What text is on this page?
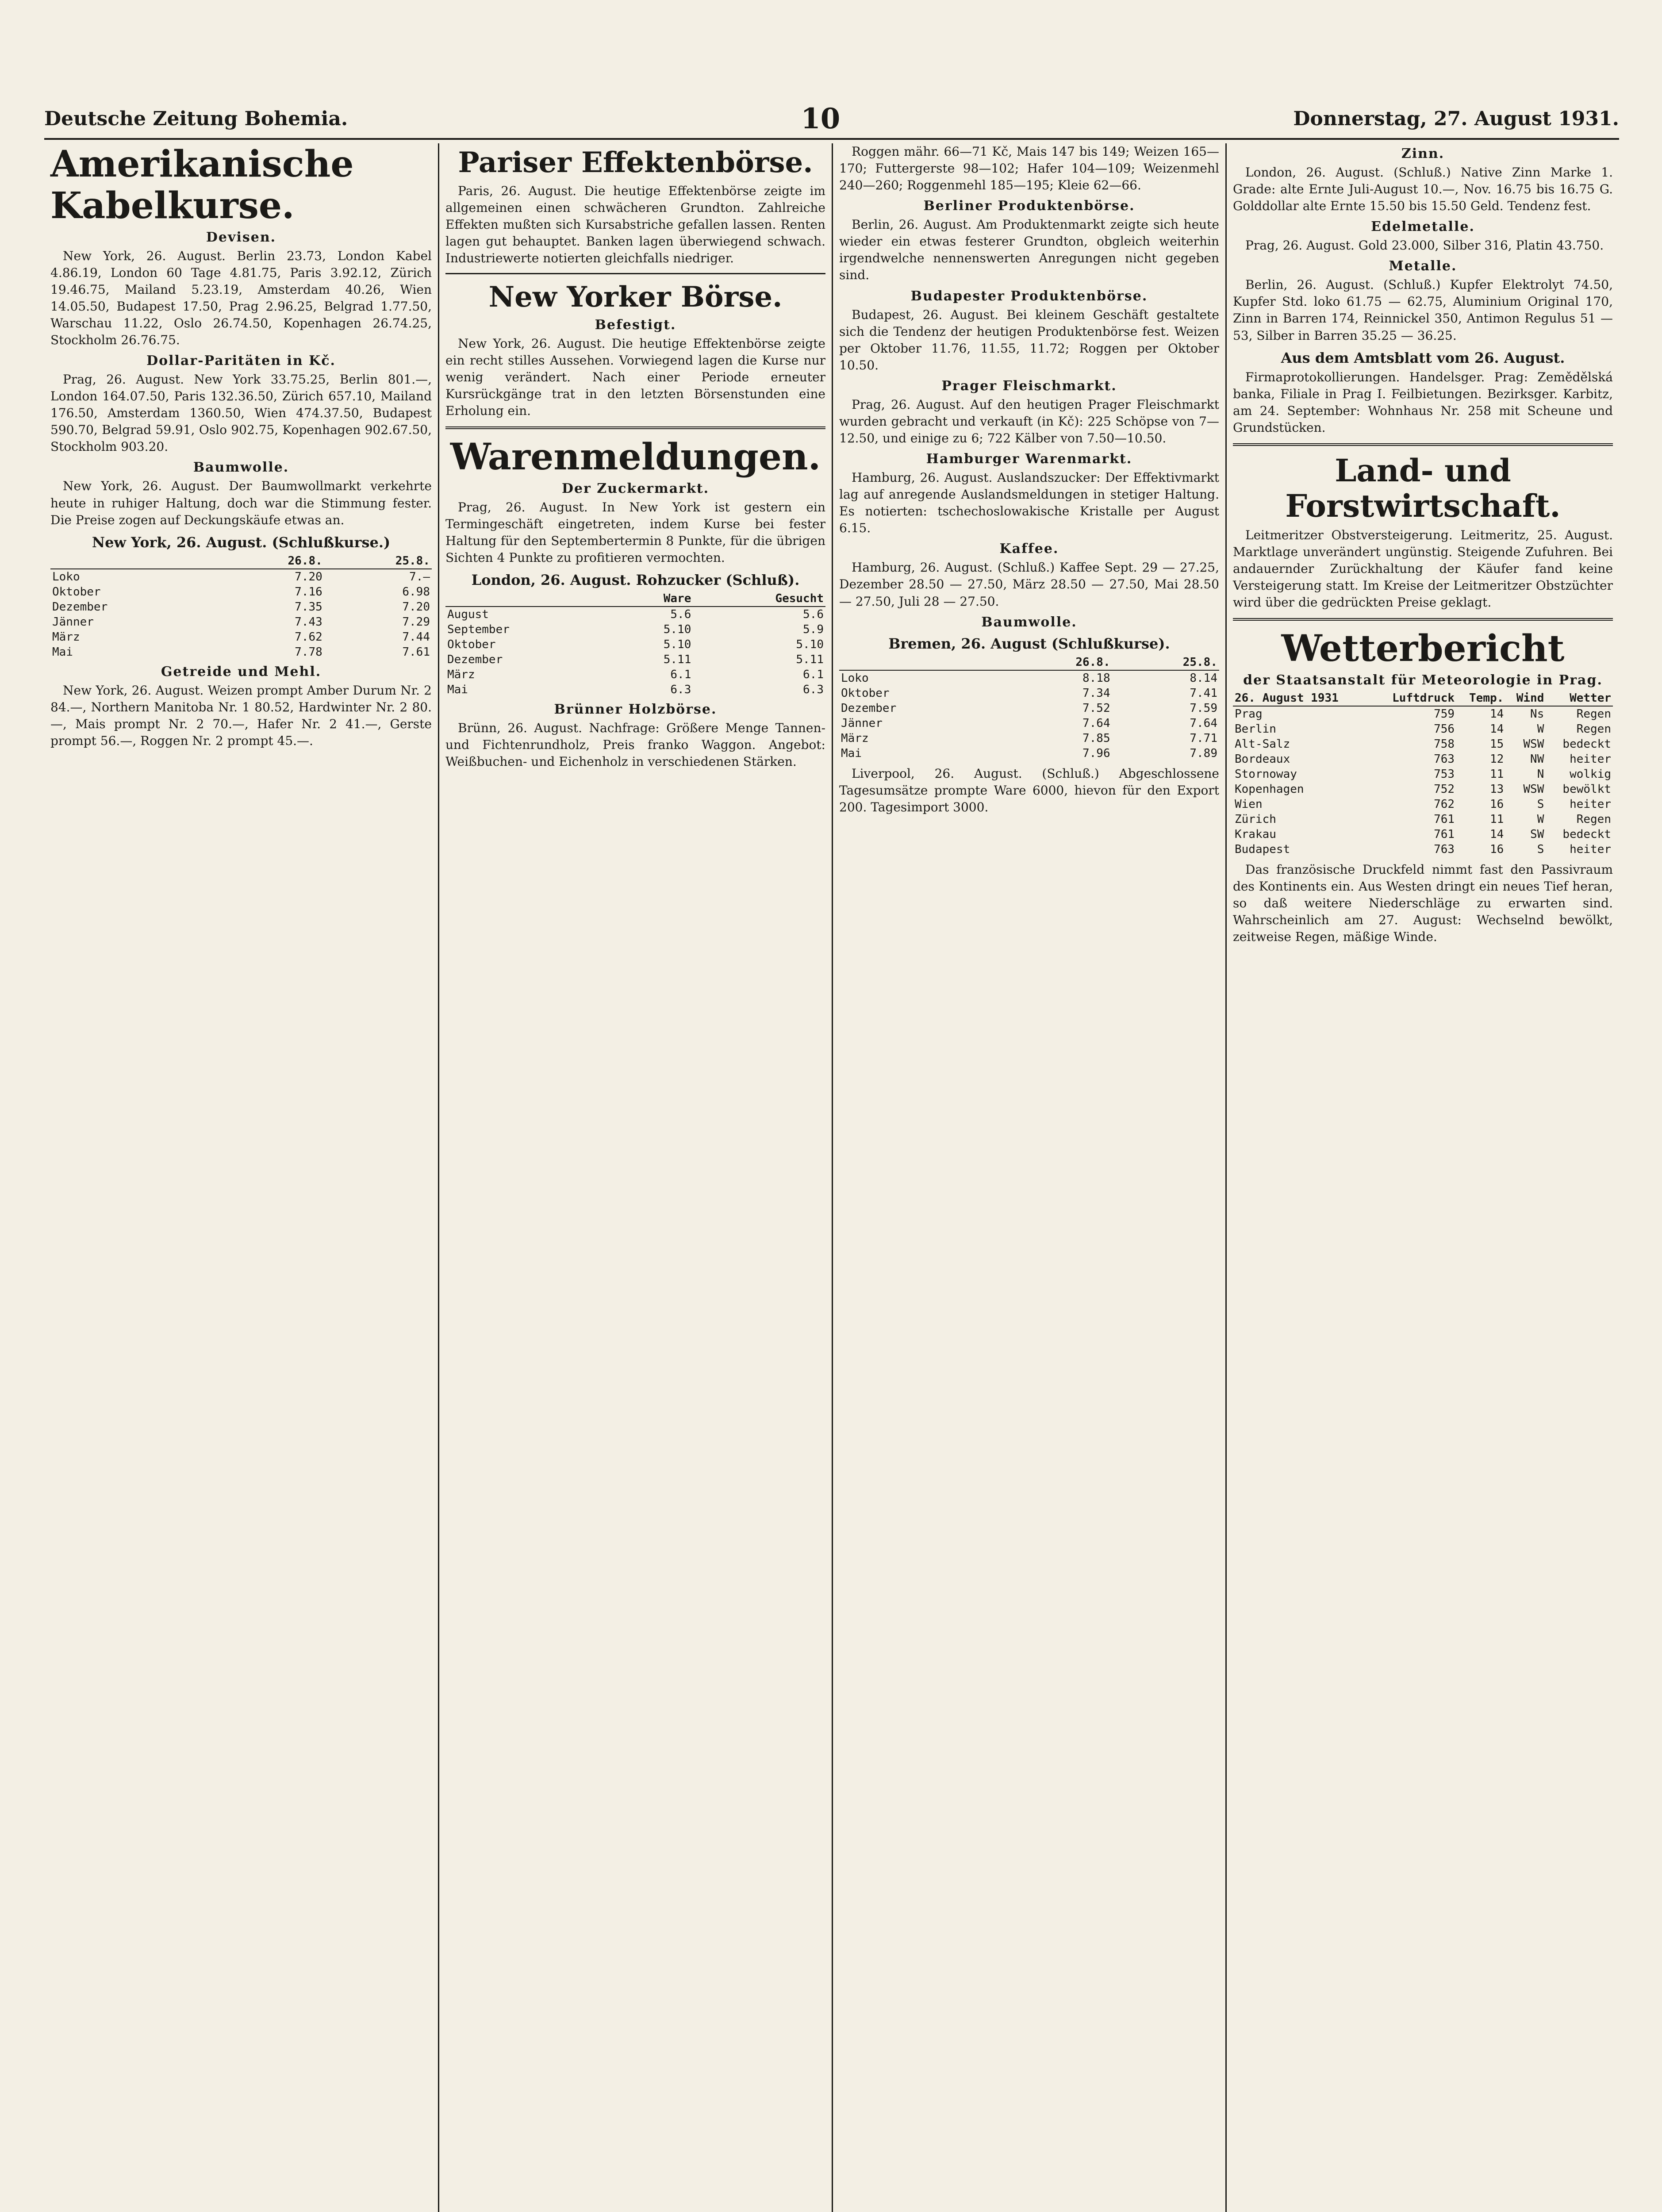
Deutsche Zeitung Bohemia.	10	Donnerstag, 27. August 1931.
Amerikanische Kabelkurse.
Devisen.

New York, 26. August. Berlin 23.73, London Kabel 4.86.19, London 60 Tage 4.81.75, Paris 3.92.12, Zürich 19.46.75, Mailand 5.23.19, Amsterdam 40.26, Wien 14.05.50, Budapest 17.50, Prag 2.96.25, Belgrad 1.77.50, Warschau 11.22, Oslo 26.74.50, Kopenhagen 26.74.25, Stockholm 26.76.75.

Dollar-Paritäten in Kč.

Prag, 26. August. New York 33.75.25, Berlin 801.—, London 164.07.50, Paris 132.36.50, Zürich 657.10, Mailand 176.50, Amsterdam 1360.50, Wien 474.37.50, Budapest 590.70, Belgrad 59.91, Oslo 902.75, Kopenhagen 902.67.50, Stockholm 903.20.

Baumwolle.

New York, 26. August. Der Baumwollmarkt verkehrte heute in ruhiger Haltung, doch war die Stimmung fester. Die Preise zogen auf Deckungskäufe etwas an.

New York, 26. August. (Schlußkurse.)
	26.8.	25.8.
Loko	7.20	7.—
Oktober	7.16	6.98
Dezember	7.35	7.20
Jänner	7.43	7.29
März	7.62	7.44
Mai	7.78	7.61
Getreide und Mehl.

New York, 26. August. Weizen prompt Amber Durum Nr. 2 84.—, Northern Manitoba Nr. 1 80.52, Hardwinter Nr. 2 80.—, Mais prompt Nr. 2 70.—, Hafer Nr. 2 41.—, Gerste prompt 56.—, Roggen Nr. 2 prompt 45.—.

Pariser Effektenbörse.

Paris, 26. August. Die heutige Effektenbörse zeigte im allgemeinen einen schwächeren Grundton. Zahlreiche Effekten mußten sich Kursabstriche gefallen lassen. Renten lagen gut behauptet. Banken lagen überwiegend schwach. Industriewerte notierten gleichfalls niedriger.

New Yorker Börse.
Befestigt.

New York, 26. August. Die heutige Effektenbörse zeigte ein recht stilles Aussehen. Vorwiegend lagen die Kurse nur wenig verändert. Nach einer Periode erneuter Kursrückgänge trat in den letzten Börsenstunden eine Erholung ein.

Warenmeldungen.
Der Zuckermarkt.

Prag, 26. August. In New York ist gestern ein Termingeschäft eingetreten, indem Kurse bei fester Haltung für den Septembertermin 8 Punkte, für die übrigen Sichten 4 Punkte zu profitieren vermochten.

London, 26. August. Rohzucker (Schluß).
	Ware	Gesucht
August	5.6	5.6
September	5.10	5.9
Oktober	5.10	5.10
Dezember	5.11	5.11
März	6.1	6.1
Mai	6.3	6.3
Brünner Holzbörse.

Brünn, 26. August. Nachfrage: Größere Menge Tannen- und Fichtenrundholz, Preis franko Waggon. Angebot: Weißbuchen- und Eichenholz in verschiedenen Stärken.

Roggen mähr. 66—71 Kč, Mais 147 bis 149; Weizen 165—170; Futtergerste 98—102; Hafer 104—109; Weizenmehl 240—260; Roggenmehl 185—195; Kleie 62—66.

Berliner Produktenbörse.

Berlin, 26. August. Am Produktenmarkt zeigte sich heute wieder ein etwas festerer Grundton, obgleich weiterhin irgendwelche nennenswerten Anregungen nicht gegeben sind.

Budapester Produktenbörse.

Budapest, 26. August. Bei kleinem Geschäft gestaltete sich die Tendenz der heutigen Produktenbörse fest. Weizen per Oktober 11.76, 11.55, 11.72; Roggen per Oktober 10.50.

Prager Fleischmarkt.

Prag, 26. August. Auf den heutigen Prager Fleischmarkt wurden gebracht und verkauft (in Kč): 225 Schöpse von 7—12.50, und einige zu 6; 722 Kälber von 7.50—10.50.

Hamburger Warenmarkt.

Hamburg, 26. August. Auslandszucker: Der Effektivmarkt lag auf anregende Auslandsmeldungen in stetiger Haltung. Es notierten: tschechoslowakische Kristalle per August 6.15.

Kaffee.

Hamburg, 26. August. (Schluß.) Kaffee Sept. 29 — 27.25, Dezember 28.50 — 27.50, März 28.50 — 27.50, Mai 28.50 — 27.50, Juli 28 — 27.50.

Baumwolle.
Bremen, 26. August (Schlußkurse).
	26.8.	25.8.
Loko	8.18	8.14
Oktober	7.34	7.41
Dezember	7.52	7.59
Jänner	7.64	7.64
März	7.85	7.71
Mai	7.96	7.89

Liverpool, 26. August. (Schluß.) Abgeschlossene Tagesumsätze prompte Ware 6000, hievon für den Export 200. Tagesimport 3000.

Zinn.

London, 26. August. (Schluß.) Native Zinn Marke 1. Grade: alte Ernte Juli-August 10.—, Nov. 16.75 bis 16.75 G. Golddollar alte Ernte 15.50 bis 15.50 Geld. Tendenz fest.

Edelmetalle.

Prag, 26. August. Gold 23.000, Silber 316, Platin 43.750.

Metalle.

Berlin, 26. August. (Schluß.) Kupfer Elektrolyt 74.50, Kupfer Std. loko 61.75 — 62.75, Aluminium Original 170, Zinn in Barren 174, Reinnickel 350, Antimon Regulus 51 — 53, Silber in Barren 35.25 — 36.25.

Aus dem Amtsblatt vom 26. August.

Firmaprotokollierungen. Handelsger. Prag: Zemědělská banka, Filiale in Prag I. Feilbietungen. Bezirksger. Karbitz, am 24. September: Wohnhaus Nr. 258 mit Scheune und Grundstücken.

Land- und Forstwirtschaft.

Leitmeritzer Obstversteigerung. Leitmeritz, 25. August. Marktlage unverändert ungünstig. Steigende Zufuhren. Bei andauernder Zurückhaltung der Käufer fand keine Versteigerung statt. Im Kreise der Leitmeritzer Obstzüchter wird über die gedrückten Preise geklagt.

Wetterbericht
der Staatsanstalt für Meteorologie in Prag.
26. August 1931	Luftdruck	Temp.	Wind	Wetter
Prag	759	14	Ns	Regen
Berlin	756	14	W	Regen
Alt-Salz	758	15	WSW	bedeckt
Bordeaux	763	12	NW	heiter
Stornoway	753	11	N	wolkig
Kopenhagen	752	13	WSW	bewölkt
Wien	762	16	S	heiter
Zürich	761	11	W	Regen
Krakau	761	14	SW	bedeckt
Budapest	763	16	S	heiter

Das französische Druckfeld nimmt fast den Passivraum des Kontinents ein. Aus Westen dringt ein neues Tief heran, so daß weitere Niederschläge zu erwarten sind. Wahrscheinlich am 27. August: Wechselnd bewölkt, zeitweise Regen, mäßige Winde.
